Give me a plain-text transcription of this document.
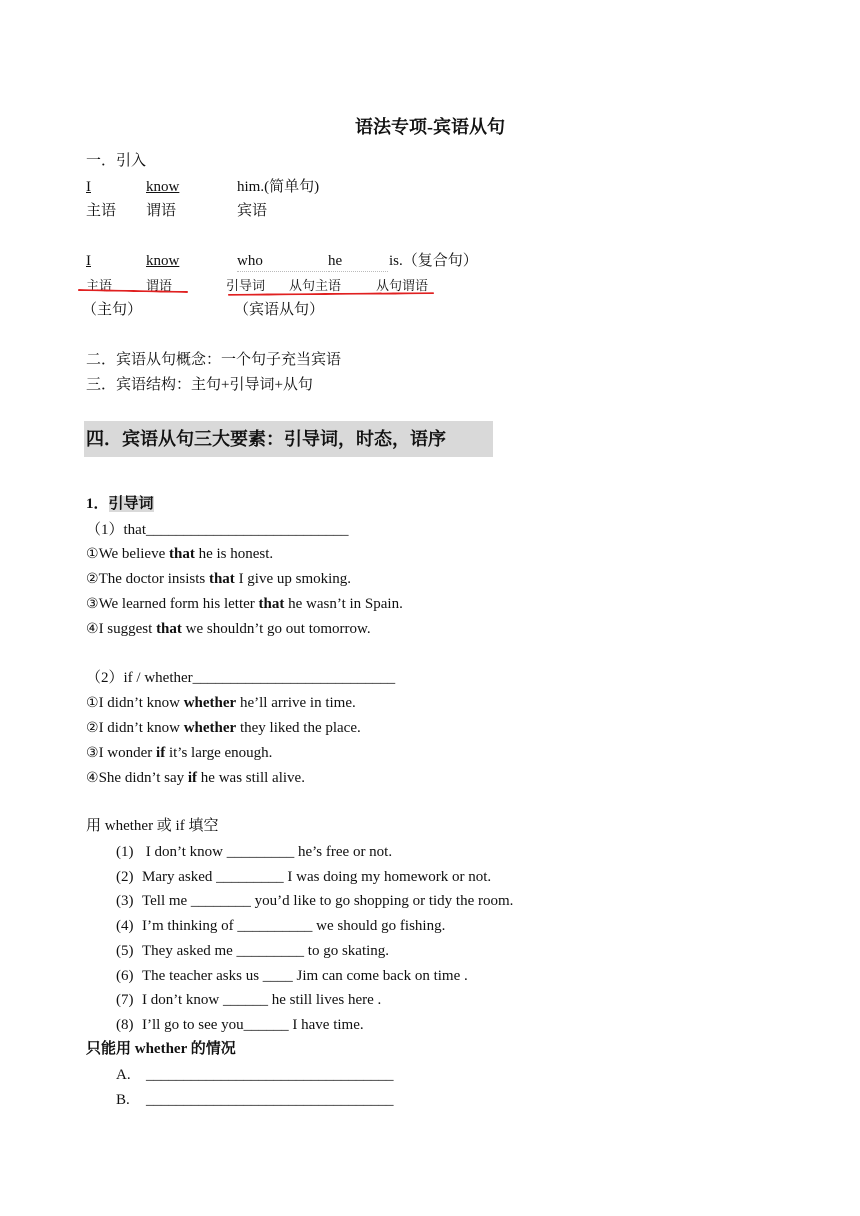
语法专项-宾语从句
一．引入
I	know	him.(简单句)
主语 谓语	宾语
I	know	who	he	is.（复合句）
主语	谓语	引导词 从句主语	从句谓语
（主句）	（宾语从句）
二．宾语从句概念：一个句子充当宾语
三．宾语结构：主句+引导词+从句
四．宾语从句三大要素：引导词，时态，语序
1．引导词
（1）that___________________________
①We believe that he is honest.
②The doctor insists that I give up smoking.
③We learned form his letter that he wasn’t in Spain.
④I suggest that we shouldn’t go out tomorrow.
（2）if / whether___________________________
①I didn’t know whether he’ll arrive in time.
②I didn’t know whether they liked the place.
③I wonder if it’s large enough.
④She didn’t say if he was still alive.
用 whether 或 if 填空
(1) I don’t know _________ he’s free or not.
(2) Mary asked _________ I was doing my homework or not.
(3) Tell me ________ you’d like to go shopping or tidy the room.
(4) I’m thinking of __________ we should go fishing.
(5) They asked me _________ to go skating.
(6) The teacher asks us ____ Jim can come back on time .
(7) I don’t know ______ he still lives here .
(8) I’ll go to see you______ I have time.
只能用 whether 的情况
A. _________________________________
B. _________________________________
